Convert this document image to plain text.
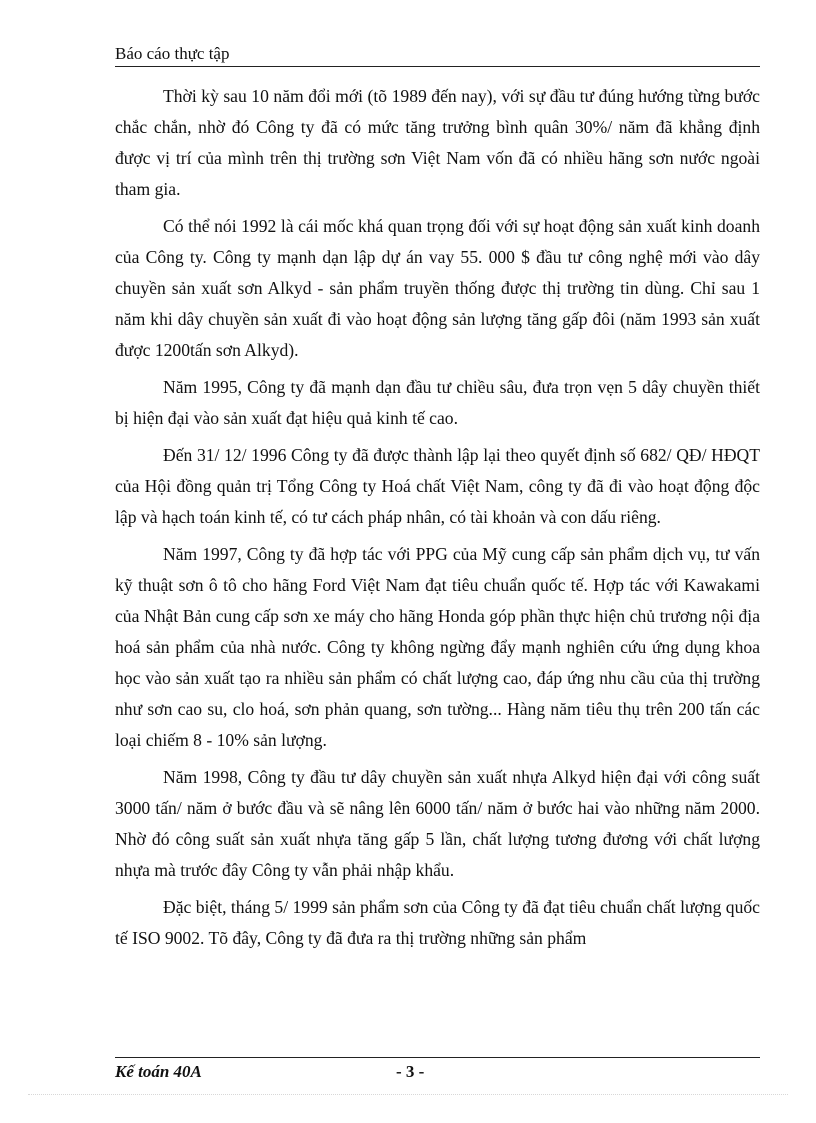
Báo cáo thực tập

Thời kỳ sau 10 năm đổi mới (tõ 1989 đến nay), với sự đầu tư đúng hướng từng bước chắc chắn, nhờ đó Công ty đã có mức tăng trưởng bình quân 30%/ năm đã khẳng định được vị trí của mình trên thị trường sơn Việt Nam vốn đã có nhiều hãng sơn nước ngoài tham gia.

Có thể nói 1992 là cái mốc khá quan trọng đối với sự hoạt động sản xuất kinh doanh của Công ty. Công ty mạnh dạn lập dự án vay 55. 000 $ đầu tư công nghệ mới vào dây chuyền sản xuất sơn Alkyd - sản phẩm truyền thống được thị trường tin dùng. Chỉ sau 1 năm khi dây chuyền sản xuất đi vào hoạt động sản lượng tăng gấp đôi (năm 1993 sản xuất được 1200tấn sơn Alkyd).

Năm 1995, Công ty đã mạnh dạn đầu tư chiều sâu, đưa trọn vẹn 5 dây chuyền thiết bị hiện đại vào sản xuất đạt hiệu quả kinh tế cao.

Đến 31/ 12/ 1996 Công ty đã được thành lập lại theo quyết định số 682/ QĐ/ HĐQT của Hội đồng quản trị Tổng Công ty Hoá chất Việt Nam, công ty đã đi vào hoạt động độc lập và hạch toán kinh tế, có tư cách pháp nhân, có tài khoản và con dấu riêng.

Năm 1997, Công ty đã hợp tác với PPG của Mỹ cung cấp sản phẩm dịch vụ, tư vấn kỹ thuật sơn ô tô cho hãng Ford Việt Nam đạt tiêu chuẩn quốc tế. Hợp tác với Kawakami của Nhật Bản cung cấp sơn xe máy cho hãng Honda góp phần thực hiện chủ trương nội địa hoá sản phẩm của nhà nước. Công ty không ngừng đẩy mạnh nghiên cứu ứng dụng khoa học vào sản xuất tạo ra nhiều sản phẩm có chất lượng cao, đáp ứng nhu cầu của thị trường như sơn cao su, clo hoá, sơn phản quang, sơn tường... Hàng năm tiêu thụ trên 200 tấn các loại chiếm 8 - 10% sản lượng.

Năm 1998, Công ty đầu tư dây chuyền sản xuất nhựa Alkyd hiện đại với công suất 3000 tấn/ năm ở bước đầu và sẽ nâng lên 6000 tấn/ năm ở bước hai vào những năm 2000. Nhờ đó công suất sản xuất nhựa tăng gấp 5 lần, chất lượng tương đương với chất lượng nhựa mà trước đây Công ty vẫn phải nhập khẩu.

Đặc biệt, tháng 5/ 1999 sản phẩm sơn của Công ty đã đạt tiêu chuẩn chất lượng quốc tế ISO 9002. Tõ đây, Công ty đã đưa ra thị trường những sản phẩm

Kế toán 40A	- 3 -
